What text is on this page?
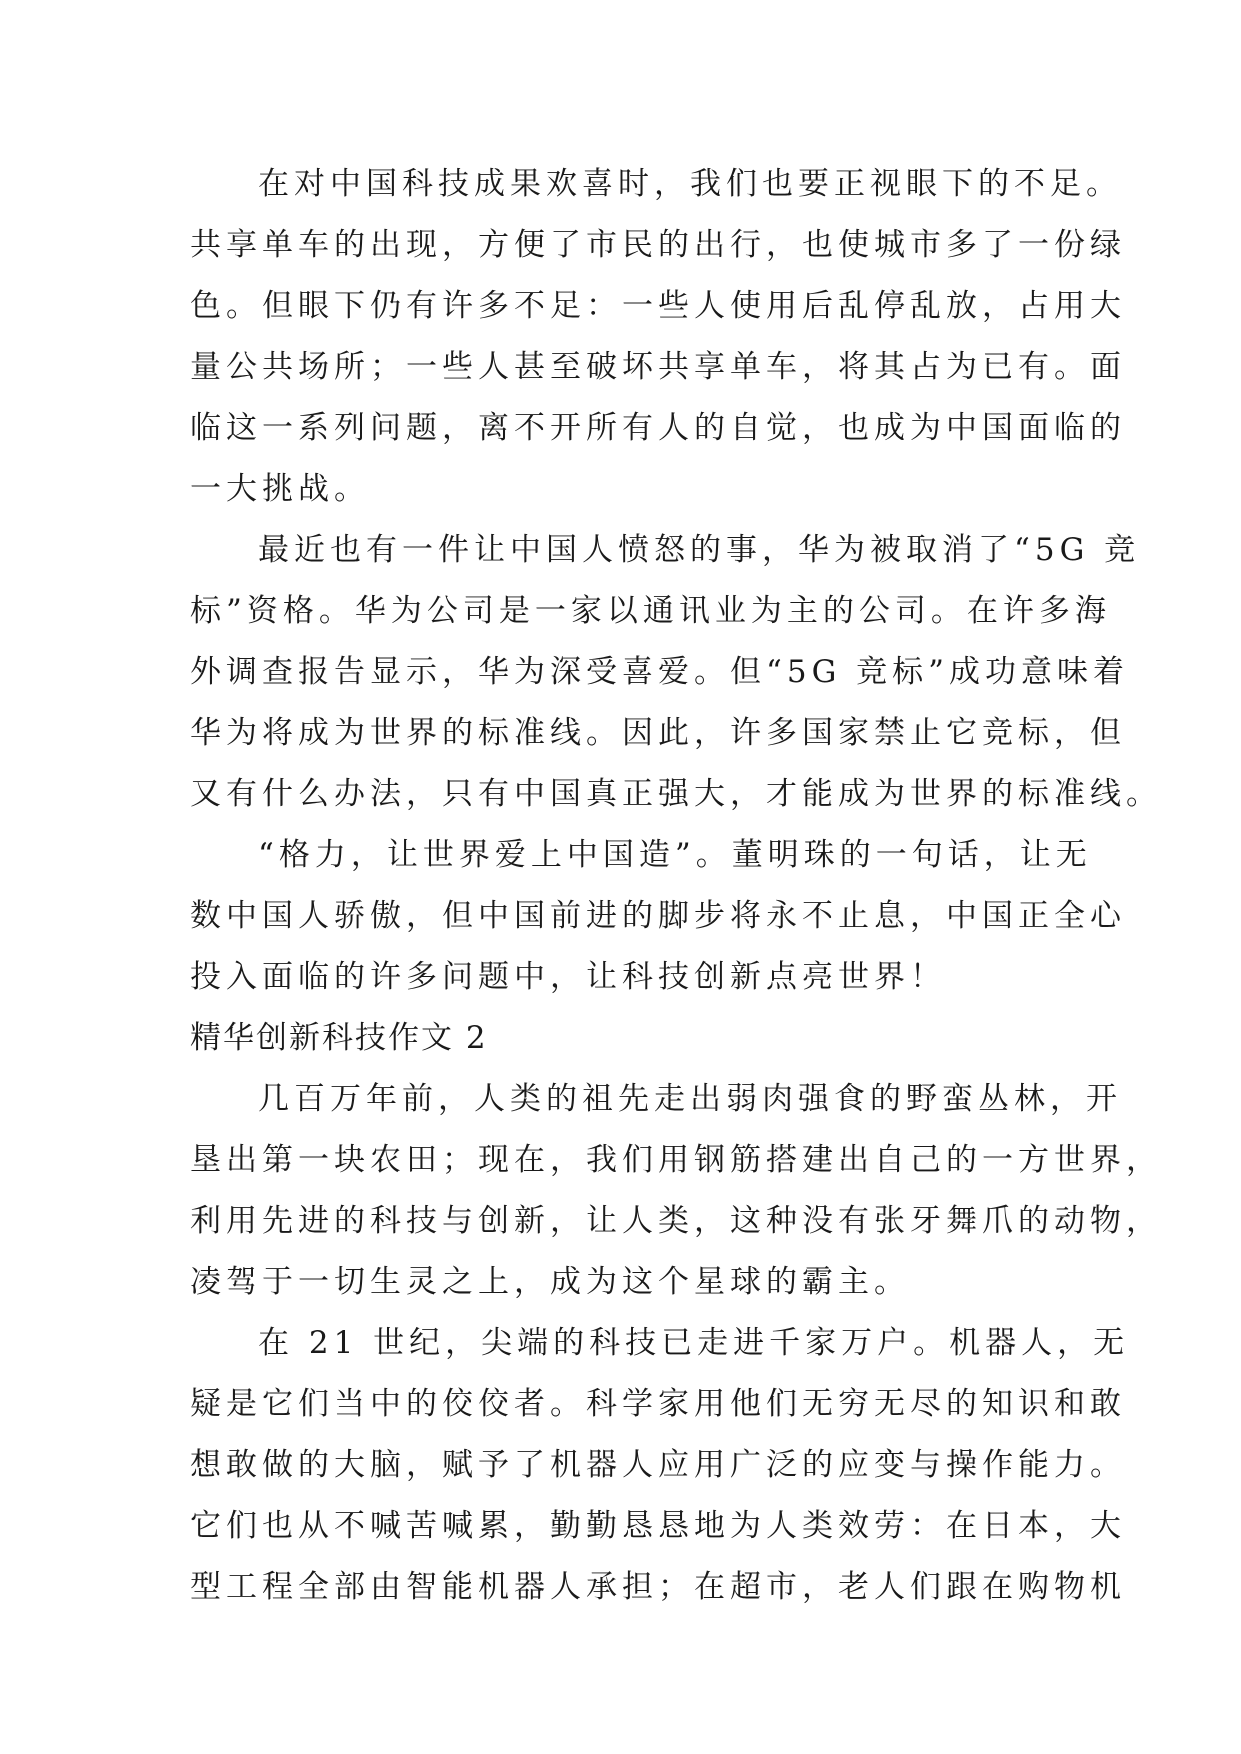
在对中国科技成果欢喜时，我们也要正视眼下的不足。
共享单车的出现，方便了市民的出行，也使城市多了一份绿
色。但眼下仍有许多不足：一些人使用后乱停乱放，占用大
量公共场所；一些人甚至破坏共享单车，将其占为已有。面
临这一系列问题，离不开所有人的自觉，也成为中国面临的
一大挑战。
最近也有一件让中国人愤怒的事，华为被取消了“5G 竞
标”资格。华为公司是一家以通讯业为主的公司。在许多海
外调查报告显示，华为深受喜爱。但“5G 竞标”成功意味着
华为将成为世界的标准线。因此，许多国家禁止它竞标，但
又有什么办法，只有中国真正强大，才能成为世界的标准线。
“格力，让世界爱上中国造”。董明珠的一句话，让无
数中国人骄傲，但中国前进的脚步将永不止息，中国正全心
投入面临的许多问题中，让科技创新点亮世界！
精华创新科技作文 2
几百万年前，人类的祖先走出弱肉强食的野蛮丛林，开
垦出第一块农田；现在，我们用钢筋搭建出自己的一方世界，
利用先进的科技与创新，让人类，这种没有张牙舞爪的动物，
凌驾于一切生灵之上，成为这个星球的霸主。
在 21 世纪，尖端的科技已走进千家万户。机器人，无
疑是它们当中的佼佼者。科学家用他们无穷无尽的知识和敢
想敢做的大脑，赋予了机器人应用广泛的应变与操作能力。
它们也从不喊苦喊累，勤勤恳恳地为人类效劳：在日本，大
型工程全部由智能机器人承担；在超市，老人们跟在购物机
